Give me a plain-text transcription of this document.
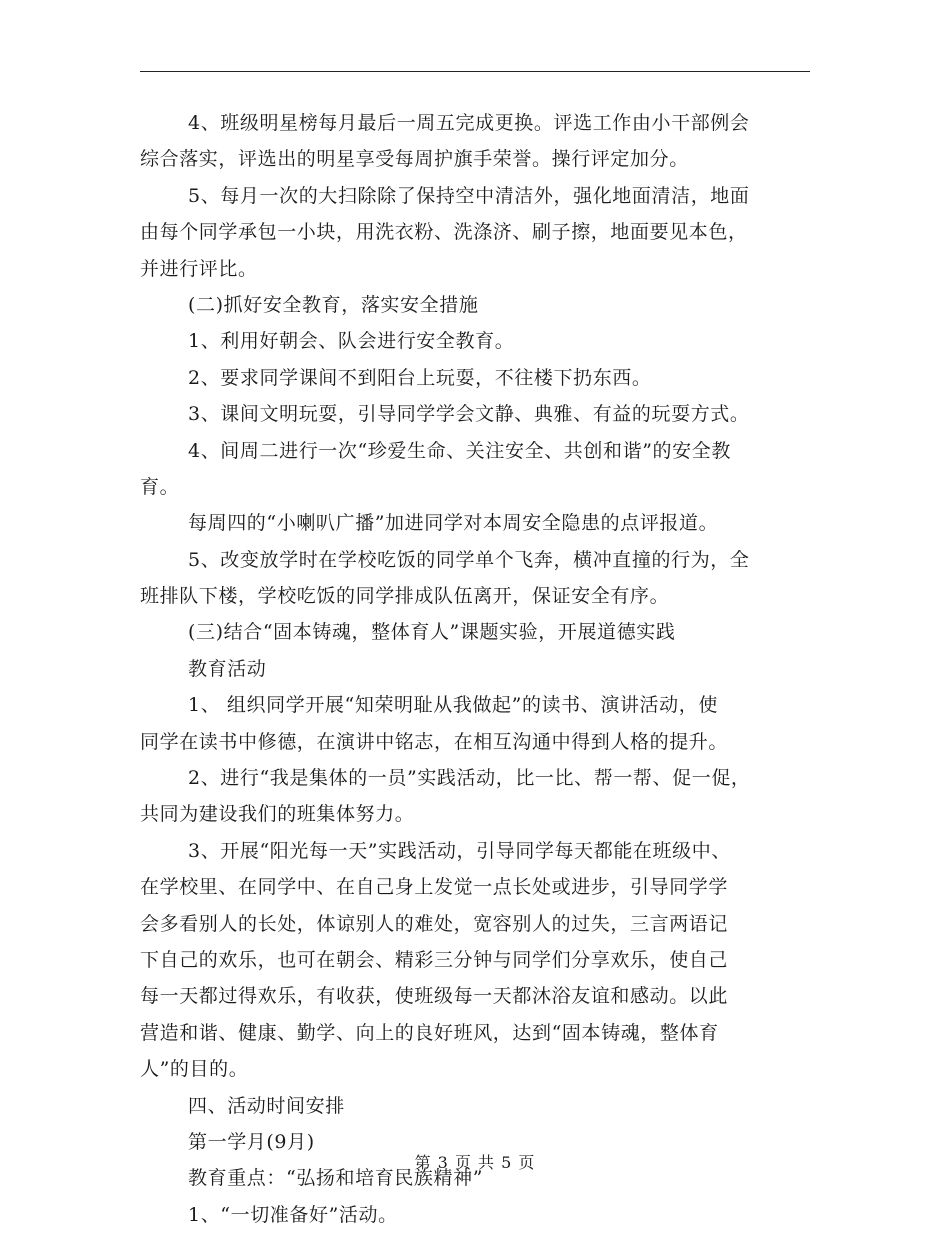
4、班级明星榜每月最后一周五完成更换。评选工作由小干部例会
综合落实，评选出的明星享受每周护旗手荣誉。操行评定加分。
5、每月一次的大扫除除了保持空中清洁外，强化地面清洁，地面
由每个同学承包一小块，用洗衣粉、洗涤济、刷子擦，地面要见本色，
并进行评比。
(二)抓好安全教育，落实安全措施
1、利用好朝会、队会进行安全教育。
2、要求同学课间不到阳台上玩耍，不往楼下扔东西。
3、课间文明玩耍，引导同学学会文静、典雅、有益的玩耍方式。
4、间周二进行一次“珍爱生命、关注安全、共创和谐”的安全教
育。
每周四的“小喇叭广播”加进同学对本周安全隐患的点评报道。
5、改变放学时在学校吃饭的同学单个飞奔，横冲直撞的行为，全
班排队下楼，学校吃饭的同学排成队伍离开，保证安全有序。
(三)结合“固本铸魂，整体育人”课题实验，开展道德实践
教育活动
1、 组织同学开展“知荣明耻从我做起”的读书、演讲活动，使
同学在读书中修德，在演讲中铭志，在相互沟通中得到人格的提升。
2、进行“我是集体的一员”实践活动，比一比、帮一帮、促一促，
共同为建设我们的班集体努力。
3、开展“阳光每一天”实践活动，引导同学每天都能在班级中、
在学校里、在同学中、在自己身上发觉一点长处或进步，引导同学学
会多看别人的长处，体谅别人的难处，宽容别人的过失，三言两语记
下自己的欢乐，也可在朝会、精彩三分钟与同学们分享欢乐，使自己
每一天都过得欢乐，有收获，使班级每一天都沐浴友谊和感动。以此
营造和谐、健康、勤学、向上的良好班风，达到“固本铸魂，整体育
人”的目的。
四、活动时间安排
第一学月(9月)
教育重点：“弘扬和培育民族精神”
1、“一切准备好”活动。
第 3 页 共 5 页
